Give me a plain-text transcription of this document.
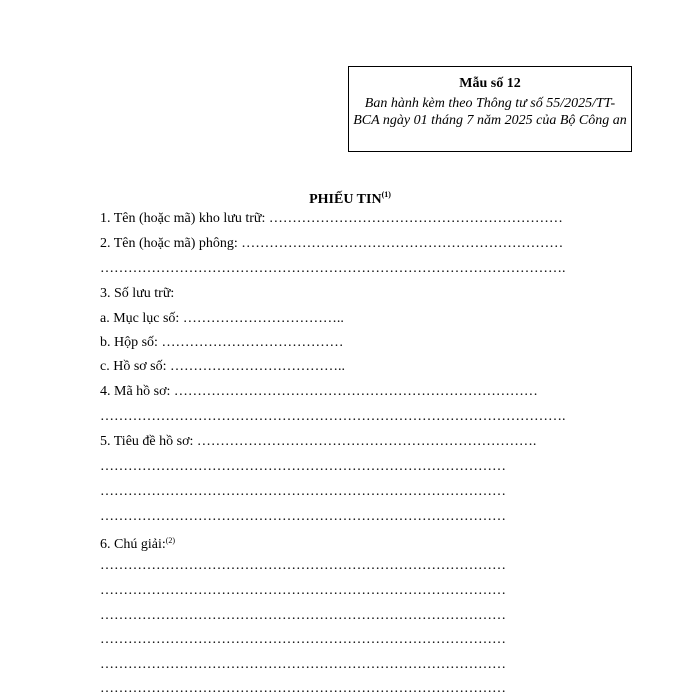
Mẫu số 12
Ban hành kèm theo Thông tư số 55/2025/TT-BCA ngày 01 tháng 7 năm 2025 của Bộ Công an
PHIẾU TIN$^{(1)}$
1. Tên (hoặc mã) kho lưu trữ: ………………………………………………………
2. Tên (hoặc mã) phông: ……………………………………………………………
……………………………………………………………………………………….
3. Số lưu trữ:
a. Mục lục số: ……………………………..
b. Hộp số: …………………………………
c. Hồ sơ số: ………………………………..
4. Mã hồ sơ: ……………………………………………………………………
……………………………………………………………………………………….
5. Tiêu đề hồ sơ: ……………………………………………………………….
……………………………………………………………………………
……………………………………………………………………………
……………………………………………………………………………
6. Chú giải:$^{(2)}$
……………………………………………………………………………
……………………………………………………………………………
……………………………………………………………………………
……………………………………………………………………………
……………………………………………………………………………
……………………………………………………………………………
